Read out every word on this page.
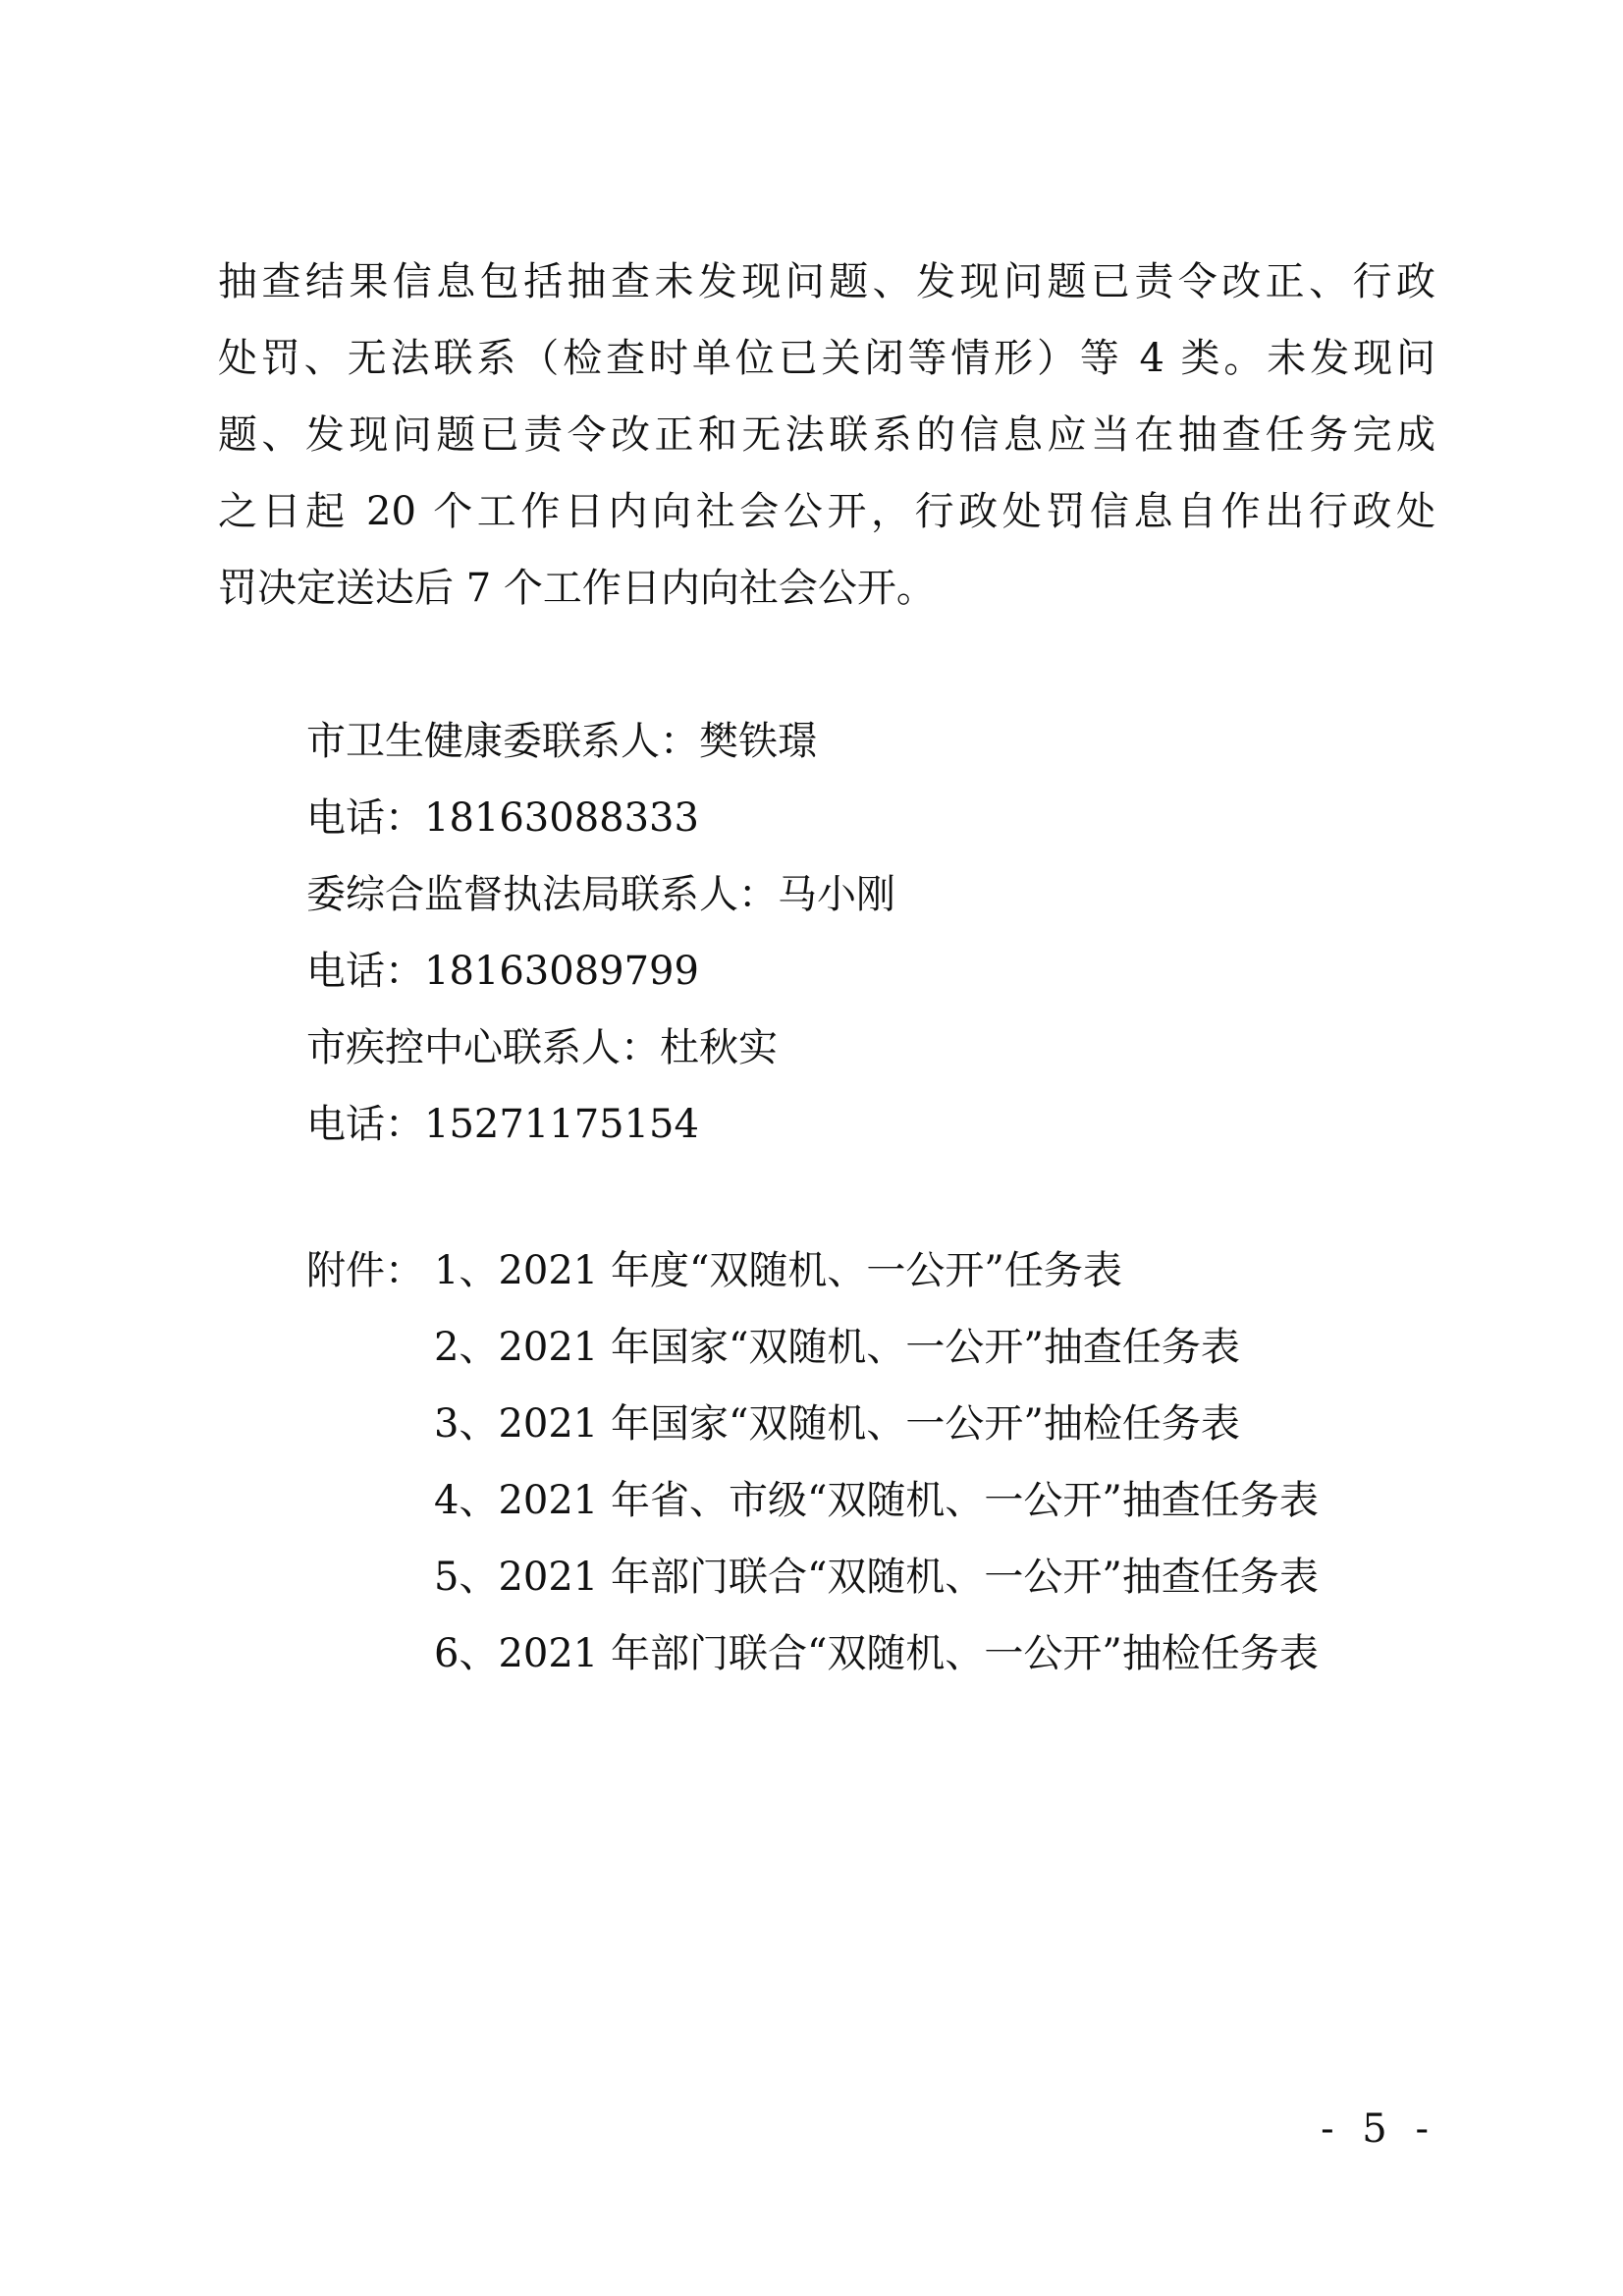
抽查结果信息包括抽查未发现问题、发现问题已责令改正、行政
处罚、无法联系（检查时单位已关闭等情形）等 4 类。未发现问
题、发现问题已责令改正和无法联系的信息应当在抽查任务完成
之日起 20 个工作日内向社会公开，行政处罚信息自作出行政处
罚决定送达后 7 个工作日内向社会公开。
市卫生健康委联系人：樊铁璟
电话：18163088333
委综合监督执法局联系人：马小刚
电话：18163089799
市疾控中心联系人：杜秋实
电话：15271175154
附件： 1、2021 年度“双随机、一公开”任务表
2、2021 年国家“双随机、一公开”抽查任务表
3、2021 年国家“双随机、一公开”抽检任务表
4、2021 年省、市级“双随机、一公开”抽查任务表
5、2021 年部门联合“双随机、一公开”抽查任务表
6、2021 年部门联合“双随机、一公开”抽检任务表
- 5 -
